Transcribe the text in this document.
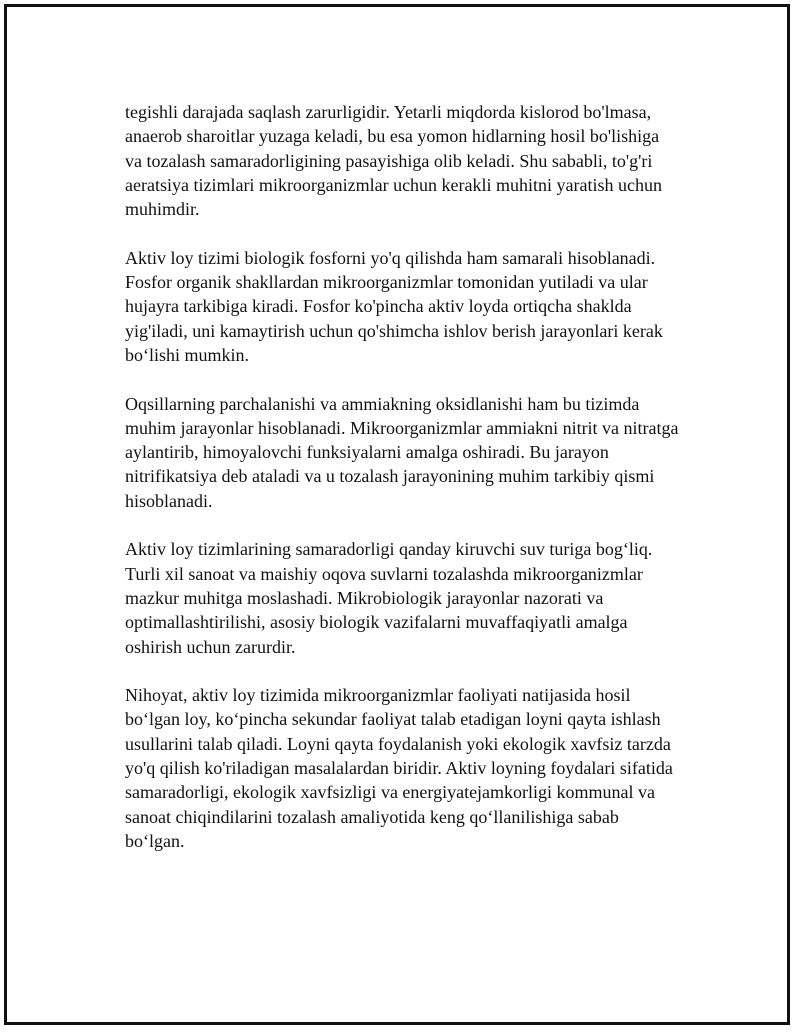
tegishli darajada saqlash zarurligidir. Yetarli miqdorda kislorod bo'lmasa,
anaerob sharoitlar yuzaga keladi, bu esa yomon hidlarning hosil bo'lishiga
va tozalash samaradorligining pasayishiga olib keladi. Shu sababli, to'g'ri
aeratsiya tizimlari mikroorganizmlar uchun kerakli muhitni yaratish uchun
muhimdir.

Aktiv loy tizimi biologik fosforni yo'q qilishda ham samarali hisoblanadi.
Fosfor organik shakllardan mikroorganizmlar tomonidan yutiladi va ular
hujayra tarkibiga kiradi. Fosfor ko'pincha aktiv loyda ortiqcha shaklda
yig'iladi, uni kamaytirish uchun qo'shimcha ishlov berish jarayonlari kerak
bo‘lishi mumkin.

Oqsillarning parchalanishi va ammiakning oksidlanishi ham bu tizimda
muhim jarayonlar hisoblanadi. Mikroorganizmlar ammiakni nitrit va nitratga
aylantirib, himoyalovchi funksiyalarni amalga oshiradi. Bu jarayon
nitrifikatsiya deb ataladi va u tozalash jarayonining muhim tarkibiy qismi
hisoblanadi.

Aktiv loy tizimlarining samaradorligi qanday kiruvchi suv turiga bog‘liq.
Turli xil sanoat va maishiy oqova suvlarni tozalashda mikroorganizmlar
mazkur muhitga moslashadi. Mikrobiologik jarayonlar nazorati va
optimallashtirilishi, asosiy biologik vazifalarni muvaffaqiyatli amalga
oshirish uchun zarurdir.

Nihoyat, aktiv loy tizimida mikroorganizmlar faoliyati natijasida hosil
bo‘lgan loy, ko‘pincha sekundar faoliyat talab etadigan loyni qayta ishlash
usullarini talab qiladi. Loyni qayta foydalanish yoki ekologik xavfsiz tarzda
yo'q qilish ko'riladigan masalalardan biridir. Aktiv loyning foydalari sifatida
samaradorligi, ekologik xavfsizligi va energiyatejamkorligi kommunal va
sanoat chiqindilarini tozalash amaliyotida keng qo‘llanilishiga sabab
bo‘lgan.
